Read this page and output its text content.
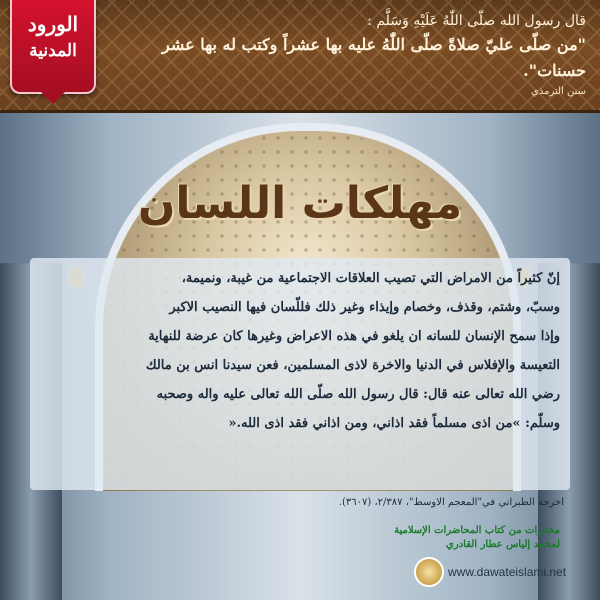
قال رسول الله صلّى اللّٰهُ عَلَيْهِ وَسَلَّم :
"من صلّى عليّ صلاةً صلّى اللّٰهُ عليه بها عشراً وكتب له بها عشر حسنات".
سنن الترمذي
الورود
المدنية
مهلكات اللسان
إنّ كثيراً من الامراض التي تصيب العلاقات الاجتماعية من غيبة، ونميمة،
وسبّ، وشتم، وقذف، وخصام وإيذاء وغير ذلك فللّسان فيها النصيب الاكبر
وإذا سمح الإنسان للسانه ان يلغو في هذه الاعراض وغيرها كان عرضة للنهاية
التعيسة والإفلاس في الدنيا والاخرة لاذى المسلمين، فعن سيدنا انس بن مالك
رضي الله تعالى عنه قال: قال رسول الله صلّى الله تعالى عليه واله وصحبه
وسلّم: »من اذى مسلماً فقد اذاني، ومن اذاني فقد اذى الله.«
اخرجه الطبراني في"المعجم الاوسط"، ٢/٣٨٧، (٣٦٠٧).
مختارات من كتاب المحاضرات الإسلامية
لمحمد إلياس عطار القادري
www.dawateislami.net
